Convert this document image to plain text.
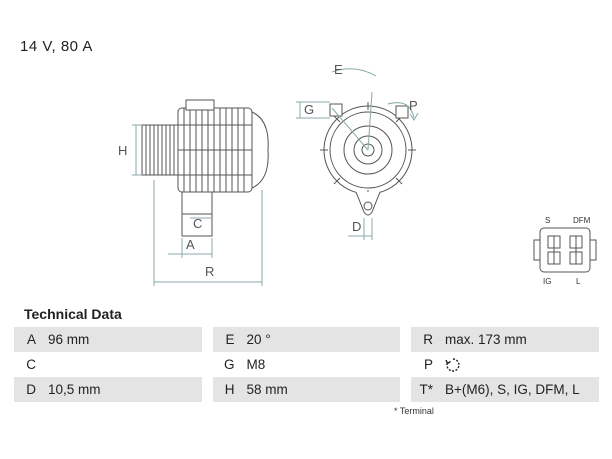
14 V, 80 A
H
C
A
R
E
G	P
D	S	DFM
IG	L
Technical Data
A	96 mm		E	20 °		R	max. 173 mm
C			G	M8		P	
D	10,5 mm		H	58 mm		T*	B+(M6), S, IG, DFM, L
* Terminal
